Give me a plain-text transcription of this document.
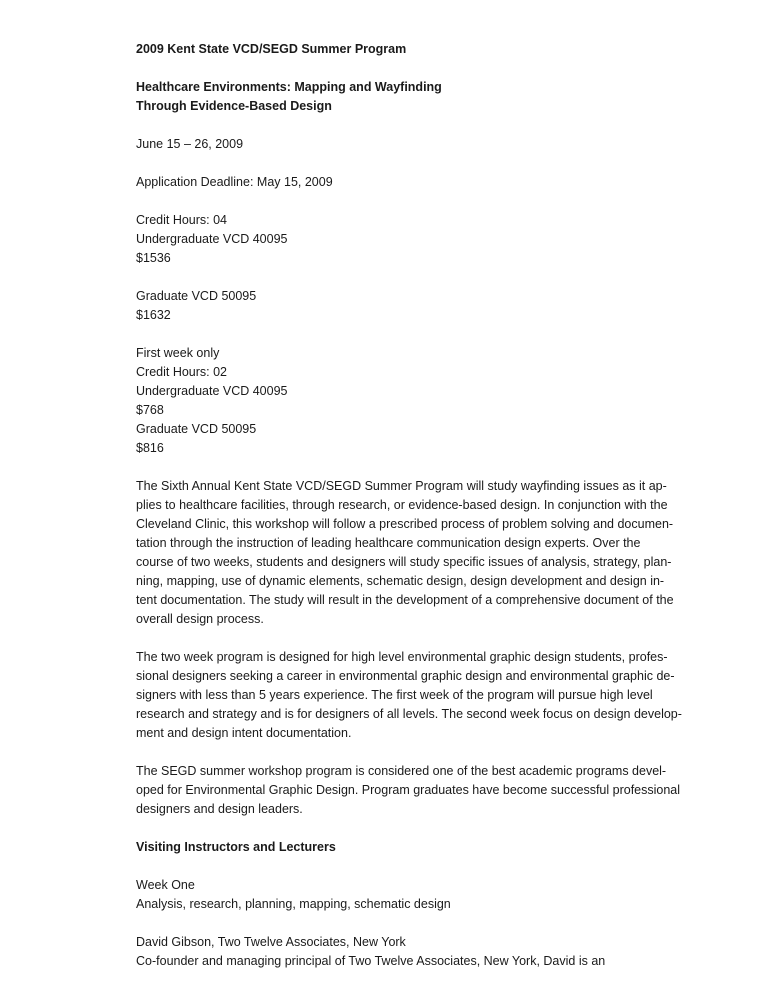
2009 Kent State VCD/SEGD Summer Program
Healthcare Environments: Mapping and Wayfinding
Through Evidence-Based Design
June 15 – 26, 2009
Application Deadline: May 15, 2009
Credit Hours: 04
Undergraduate VCD 40095
$1536
Graduate VCD 50095
$1632
First week only
Credit Hours: 02
Undergraduate VCD 40095
$768
Graduate VCD 50095
$816
The Sixth Annual Kent State VCD/SEGD Summer Program will study wayfinding issues as it ap-
plies to healthcare facilities, through research, or evidence-based design. In conjunction with the
Cleveland Clinic, this workshop will follow a prescribed process of problem solving and documen-
tation through the instruction of leading healthcare communication design experts. Over the
course of two weeks, students and designers will study specific issues of analysis, strategy, plan-
ning, mapping, use of dynamic elements, schematic design, design development and design in-
tent documentation. The study will result in the development of a comprehensive document of the
overall design process.
The two week program is designed for high level environmental graphic design students, profes-
sional designers seeking a career in environmental graphic design and environmental graphic de-
signers with less than 5 years experience. The first week of the program will pursue high level
research and strategy and is for designers of all levels. The second week focus on design develop-
ment and design intent documentation.
The SEGD summer workshop program is considered one of the best academic programs devel-
oped for Environmental Graphic Design. Program graduates have become successful professional
designers and design leaders.
Visiting Instructors and Lecturers
Week One
Analysis, research, planning, mapping, schematic design
David Gibson, Two Twelve Associates, New York
Co-founder and managing principal of Two Twelve Associates, New York, David is an
